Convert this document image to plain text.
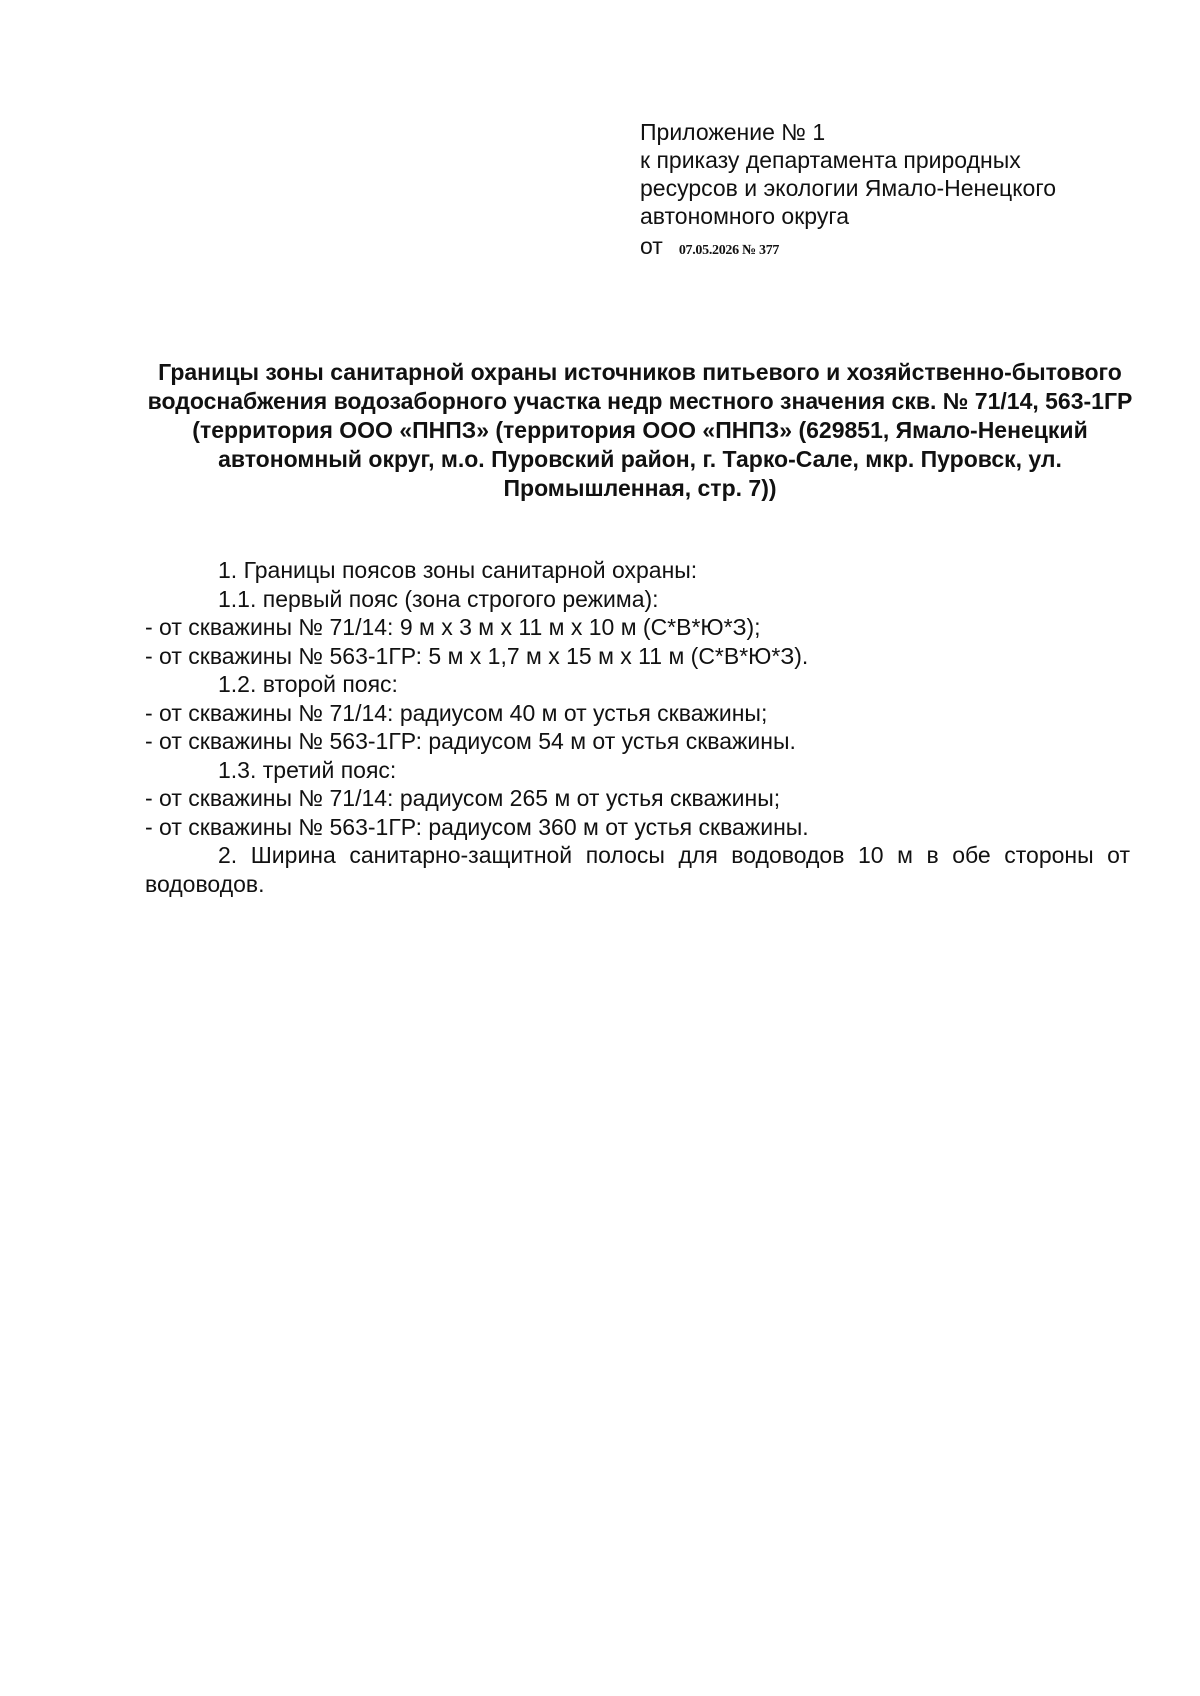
Приложение № 1
к приказу департамента природных
ресурсов и экологии Ямало-Ненецкого
автономного округа
от 07.05.2026 № 377
Границы зоны санитарной охраны источников питьевого и хозяйственно-бытового водоснабжения водозаборного участка недр местного значения скв. № 71/14, 563-1ГР (территория ООО «ПНПЗ» (территория ООО «ПНПЗ» (629851, Ямало-Ненецкий автономный округ, м.о. Пуровский район, г. Тарко-Сале, мкр. Пуровск, ул. Промышленная, стр. 7))
1. Границы поясов зоны санитарной охраны:
1.1. первый пояс (зона строгого режима):
- от скважины № 71/14: 9 м х 3 м х 11 м х 10 м (С*В*Ю*З);
- от скважины № 563-1ГР: 5 м х 1,7 м х 15 м х 11 м (С*В*Ю*З).
1.2. второй пояс:
- от скважины № 71/14: радиусом 40 м от устья скважины;
- от скважины № 563-1ГР: радиусом 54 м от устья скважины.
1.3. третий пояс:
- от скважины № 71/14: радиусом 265 м от устья скважины;
- от скважины № 563-1ГР: радиусом 360 м от устья скважины.
2. Ширина санитарно-защитной полосы для водоводов 10 м в обе стороны от водоводов.
